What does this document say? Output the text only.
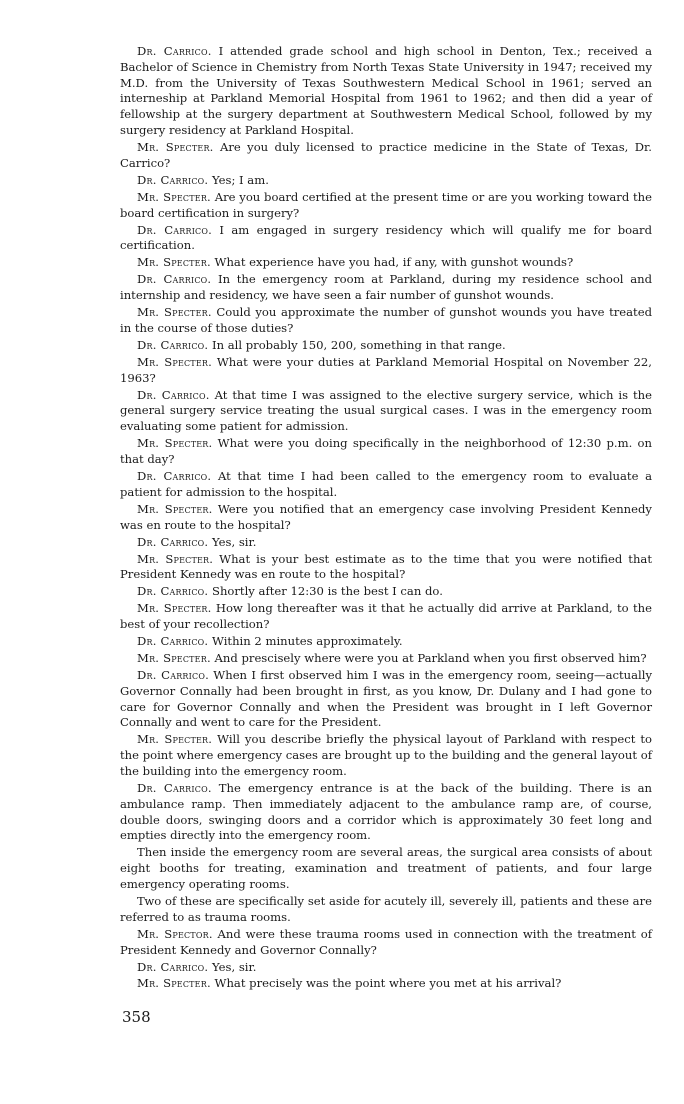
Dr. Carrico. I attended grade school and high school in Denton, Tex.; received a Bachelor of Science in Chemistry from North Texas State University in 1947; received my M.D. from the University of Texas Southwestern Medical School in 1961; served an interneship at Parkland Memorial Hospital from 1961 to 1962; and then did a year of fellowship at the surgery department at Southwestern Medical School, followed by my surgery residency at Parkland Hospital.

Mr. Specter. Are you duly licensed to practice medicine in the State of Texas, Dr. Carrico?

Dr. Carrico. Yes; I am.

Mr. Specter. Are you board certified at the present time or are you working toward the board certification in surgery?

Dr. Carrico. I am engaged in surgery residency which will qualify me for board certification.

Mr. Specter. What experience have you had, if any, with gunshot wounds?

Dr. Carrico. In the emergency room at Parkland, during my residence school and internship and residency, we have seen a fair number of gunshot wounds.

Mr. Specter. Could you approximate the number of gunshot wounds you have treated in the course of those duties?

Dr. Carrico. In all probably 150, 200, something in that range.

Mr. Specter. What were your duties at Parkland Memorial Hospital on November 22, 1963?

Dr. Carrico. At that time I was assigned to the elective surgery service, which is the general surgery service treating the usual surgical cases. I was in the emergency room evaluating some patient for admission.

Mr. Specter. What were you doing specifically in the neighborhood of 12:30 p.m. on that day?

Dr. Carrico. At that time I had been called to the emergency room to evaluate a patient for admission to the hospital.

Mr. Specter. Were you notified that an emergency case involving President Kennedy was en route to the hospital?

Dr. Carrico. Yes, sir.

Mr. Specter. What is your best estimate as to the time that you were notified that President Kennedy was en route to the hospital?

Dr. Carrico. Shortly after 12:30 is the best I can do.

Mr. Specter. How long thereafter was it that he actually did arrive at Parkland, to the best of your recollection?

Dr. Carrico. Within 2 minutes approximately.

Mr. Specter. And prescisely where were you at Parkland when you first observed him?

Dr. Carrico. When I first observed him I was in the emergency room, seeing—actually Governor Connally had been brought in first, as you know, Dr. Dulany and I had gone to care for Governor Connally and when the President was brought in I left Governor Connally and went to care for the President.

Mr. Specter. Will you describe briefly the physical layout of Parkland with respect to the point where emergency cases are brought up to the building and the general layout of the building into the emergency room.

Dr. Carrico. The emergency entrance is at the back of the building. There is an ambulance ramp. Then immediately adjacent to the ambulance ramp are, of course, double doors, swinging doors and a corridor which is approximately 30 feet long and empties directly into the emergency room.

Then inside the emergency room are several areas, the surgical area consists of about eight booths for treating, examination and treatment of patients, and four large emergency operating rooms.

Two of these are specifically set aside for acutely ill, severely ill, patients and these are referred to as trauma rooms.

Mr. Spector. And were these trauma rooms used in connection with the treatment of President Kennedy and Governor Connally?

Dr. Carrico. Yes, sir.

Mr. Specter. What precisely was the point where you met at his arrival?

358
